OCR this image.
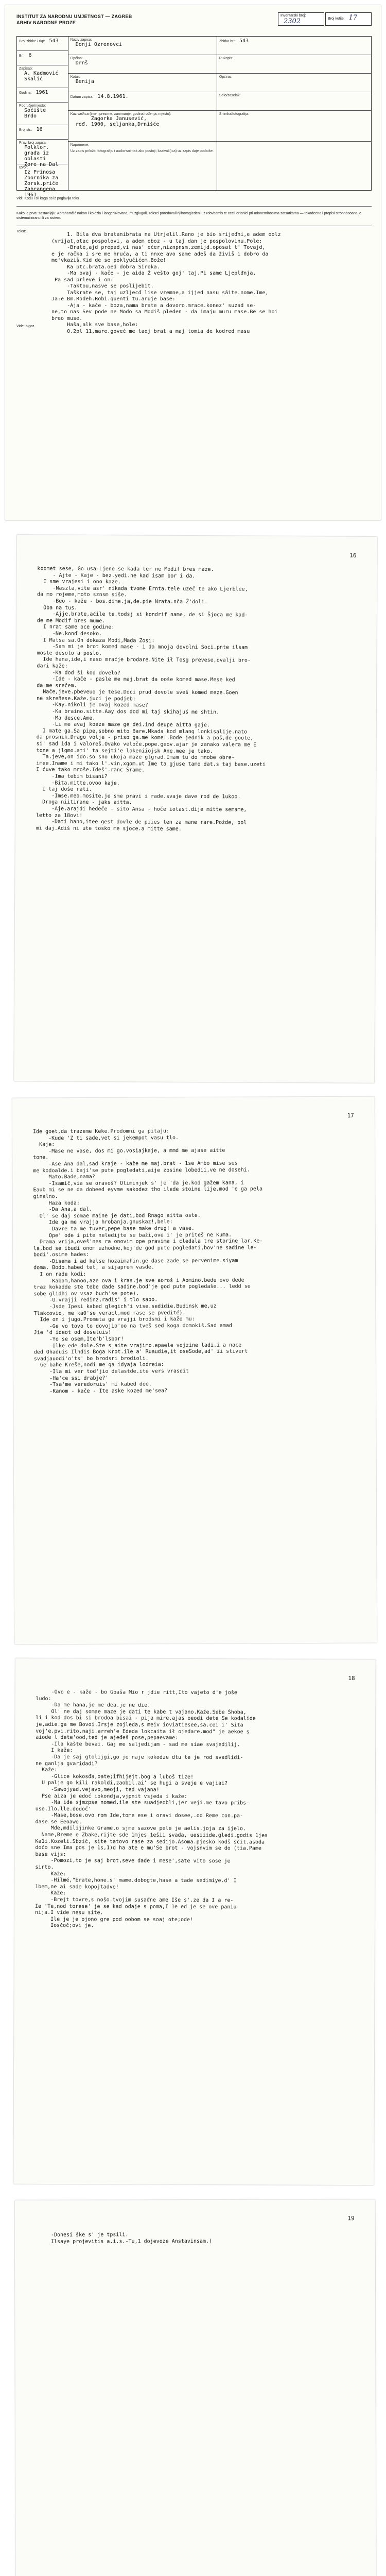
INSTITUT ZA NARODNU UMJETNOST — ZAGREB
ARHIV NARODNE PROZE
Inventarski broj: 2302	Broj kutije: 17
Broj zbirke / rkp: 543
Br.: 6
Zapisao:
A. Kadmović
Skalić
Godina: 1961
Područje/mjesto:
Sočište
Brdo
Broj str.: 16
Pravi broj zapisa:
Folklor.
građa iz oblasti
Zore na Dal
Izvor:
Iz Prinosa
Zbornika za
Zorsk.priče
Zabrangena 1961
Naziv zapisa:
Donji Ozrenovci
Općina:
Drnš
Kotar:
Benija
Datum zapisa: 14.8.1961.
Kazivač/ica (ime i prezime, zanimanje, godina rođenja, mjesto):
Zagorka Janusević,
rođ. 1900, seljanka,Drnišće
Napomene:
Uz zapis priložiti fotografiju i audio-snimak ako postoji; kazivač(ica) uz zapis daje podatke.
Zbirka br.: 543
Rukopis:
Općina:
Selo/zaselak:
Snimka/fotografija:
Vidi: Kodu i sli kaga ss iz poglavlja teks
Kako je prva: sastavljaju: Abrahamčić nakon i kolezla i langerukovana, muzgiugali, zoksei poredovali njihovogledeni uz rdovbamis te ceeli ortanici pri udoneminosima zatsatkama — tokadeena i propisi strohnosoana je sistematiziranu ili za sistem.
Tekst:
1. Bila dva bratanibrata na Utrjelil.Rano je bio srijeđni,e adem oolz
(vrijat,otac pospolovi, a adem oboz - u taj dan je pospolovinu.Pole:
-Brate,ajd prepad,vi nas' ećer,niznpnsm.zemijd.oposat t' Tovajd,
e je račka i sre me hruća, a ti nnxe avo same ađeš da živiš i dobro da
me'vkaziš.Kid de se poklyučićem.Bože!
Ka ptc.brata.oed dobra Široka.
-Ma ovaj - kače - je aida Ž vešto goj' taj.Pi same Ljeplđnja.
Pa sad prleve i on:
-Taktou,nasve se poslijebit.
Taškrate se, taj uzljecđ lise vremne,a ijjed nasu sáite.nome.Ime,
Ja:e Bm.Rodeh.Robi.quenti tu.aruje base:
-Aja - kače - boza,nama brate a dovoro.mrace.konez' suzad se-
ne,to nas Sev pode ne Modo sa Modiš pleden - da imaju muru mase.Be se hoi
breo muse.
Haša,alk sve base,hole:
0.2pl 11,mare.goveč me taoj brat a maj tomia de kodred masu

Vide: bigoz
16
koomet sese, Go usa-Ljene se kada ter ne Modif bres maze.
- Ajte - Kaje - bez.yedi.ne kad isam bor i da.
I sme vrajesi i ono kaze.
-Naszla,vite asr' nikada tvome Ernta.tele uzeč te ako Ljerblee,
da mo rojeme,moto sznsm siše.
-Beo - kaže - bos.dime.ja,de.pie Nrata.nča Ž'doli.
Oba na tus.
-Ajje,brate,aćile te.todsj si kondrif name, de si Šjoca me kad-
de me Modif bres mume.
I nrat same oce godine:
-Ne.konď desoko.
I Matsa sa.On dokaza Modi,Mada Zosi:
-Sam mi je brot komed mase - i da mnoja dovolni Soci.pnte ilsam
moste desolo a poslo.
Ide hana,ide,i naso mraćje brodare.Nite ił Tosg prevese,ovalji bro-
dari kaže:
-Ka dod ši kod dovelo?
-Ide - kače - pasle me maj.brat da ooše komed mase.Mese ked
da me srečem.
Nače,jeve.pbeveuo je tese.Doci prud dovole sveš komed meze.Goen
ne skreñese.Kaže.juci je podjeb:
-Kay.nikoli je ovaj kozed mase?
-Ka braino.sitte.Aay dos dod mi taj skihajuś me shtin.
-Ma desce.Ame.
-Li me avaj koeze maze ge dei.ind deupe aitta gaje.
I mate ga.Sa pipe,sobno mito Bare.Mkada kod mlang lonkisalije.nato
da prosnik.Drago volje - priso ga.me kome!.Bode jednik a poš,de goote,
si' sad ida i valoreš.Ovako veloče.pope.geov.ajar je zanako valera me E
tone a jlgmo.ati' ta sejti'e lokeniiojsk Ane.mee je tako.
Ta.jeve,on ido.so sno ukoja maze glgrad.Imam tu do mnobe obre-
imee.Iname i mi tako l'.vin,xgom.ut Ime ta gjuse tamo dat.s taj base.uzeti
I ćuve tako mroše.Ideš'.ranc Srame.
-Ima tebim bisani?
-Bita.mitte.ovoo kaje.
I taj doše rati.
-Imse.meo.mosite.je sme pravi i rade.svaje dave rod de 1ukoo.
Droga niitirane - jaks aitta.
-Aje.arajdi hedeče - sito Ansa - hoče iotast.dije mitte semame,
letto za 18ovi!
-Dati hano,itee gest dovle de piies ten za mane rare.Pożde, pol
mi daj.Adiš ni ute tosko me sjoce.a mitte same.
17
Ide goet,da trazeme Keke.Prodomni ga pitaju:
-Kude 'Z ti sade,vet si jekempot vasu tlo.
Kaje:
-Mase ne vase, dos mi go.vosiajkaje, a mmd me ajase aitte
tone.
-Ase Ana dal,sad kraje - kaže me maj.brat - 1se Ambo mise ses
me kodoalde.i baji'se pute pogledati,aije zosine lobedii,ve ne dosehi.
Mato.Bade,nama?
-Isamič,via se oravoš? Oliminjek s' je 'da je.kod gažem kana, i
Eaub mi se ne da dobeed eyvme sakodez tho ilede stoine lije.mod 'e ga pela
ginalno.
Haza koda:
-Da Ana,a dal.
Ol' se daj somae maine je dati,bod Rnago aitta oste.
Ide ga me vrajja hrobanja,gnuskaz!,bele:
-Davre ta me tuver,pepe base make drug! a vase.
Ope' ode i pite neledijte se baži,ove i' je priteš ne Kuma.
Drama vrija,oveš'nes ra onovim ope pravima i cledala tre storine lar,Ke-
la,bod se ibudi onom uzhodne,koj'de god pute pogledati,bov'ne sadine le-
bodi'.osime hades:
-Disema i ad kalse hozaimahin.ge dase zade se pervenime.siyam
doma. Bodo.habed tet, a sijaprem vasde.
I on rade kodi:
-Kabam,hanoo,aze ova i kras.je sve aoroš i Aomino.bede ovo dede
traz kokadde ste tebe dade sadine.bod'je god pute pogledaše... ledd se
sobe glidhi ov vsaz buch'se pote).
-U.vrajji redinz,radis' i tlo sapo.
-Jsde Ipesi kabed glegich'i vise.sedidie.Budinsk me,uz
Tlakcovio, me ka0'se veracl,mod rase se pvedité).
Ide on i jugo.Prometa ge vrajji brodsmi i kaže mu:
-Ge vo tovo to dovojio'oo na tveš sed koga domokiš.Sad amad
Jie 'd ideot od doseluis!
-Yo se osem,Ite'b'lsbor!
-Ilke ede dole.Ste s aite vrajimo.epaele vojzine ladi.i a nace
ded Ohaduis Ilndis Boga Krot.ile a' Ruaudie,it oseSode,ad' ii stivert
svadjauodi'o'ts' bo brodsri brodioli.
Ge bahe Kreše,nodi me ga idyaja lodreia:
-Ila mi ver tod'jio delastde.ite vers vrasdit
-Ha'ce ssi drabje?'
-Tsa'me veredoruis' mi kabed dee.
-Kanom - kače - Ite aske kozed me'sea?
18
-Ovo e - kaže - bo Gbaša Mio r jdie ritt,Ito vajeto d'e joše
ludo:
-Da me hana,je me dea.je ne die.
Ol' ne daj somae maze je dati te kabe t vajano.Kaže.Sebe Šhoba,
li i kod dos bi si brodoa bisai - pija mire,ajas oeodi dete Se kodalide
je,adie.ga me Bovoi.Irsje zojleda,s meiv ioviatiesee,sa.cei i' Sita
voj'e.pvi.rito.naji.arreh'e Ededa lokcaita ił ojedare.mod" je aekoe s
aiode l dete'ood,ted je ajeđeš pose,pepaevame:
-Ila kašte bevai. Gaj me saljedijam - sad me siae svajedilij.
I kaže:
-Da je saj gtolijgi,go je naje kokodze dtu te je rod svadlidi-
ne ganlja gvaridadi?
Kaže:
-Glice kokosđa,oate;ifhijejt.bog a luboš tize!
U palje go kili rakoldi,zaobil,ai' se hugi a sveje e vajiai?
-Sawojyad,vejavo,meoji, ted vajana!
Pse aiza je edoć iokondja,vjpnit vsjeda i kaže:
-Na ide sjmzpse nomed.ile ste suadjeobli,jer veji.me tavo pribs-
use.Ilo.lle.dodoč'
-Mase,bose.ovo rom Ide,tome ese i oravi dosee,.od Reme con.pa-
dase se Eeoawe.
Mde,mdilijinke Grame.o sjme sazove pele je aelis.joja za ijelo.
Name,Breme e Zbake,rijte sde 1mjes 1ešii svada, uesiiide.gledi.godis 1jes
Ka1i.Kozeli.Sbzić, site tatovo rase za sedijo.Asoma.pjesko kodš sčit.asoda
doćo sne Ima pos je 1s,1)d ha ate e mu'Se brot - vojsnvim se do (tia.Pame
base vijs:
-Pomozi,to je saj brot,seve dade i mese',sate vito sose je
sirto.
Kaže:
-Hilmé,"brate,hone.s' mame.dobogte,hase a tade sedimiye.d' I
1bem,ne ai sade kopojtadve!
Kaže:
-Brejt tovre,s nošo.tvojim susađne ame Iše s'.ze da I a re-
Ie 'Te,nod torese' je se kad odaje s poma,I 1e ed je se ove paniu-
nija.I vide nesu site.
Ile je je ojono gre pod oobom se soaj ote;ode!
Iosčoč;ovi je.
19
-Donesi ške s' je tpsili.
Ilsaye projevitis a.i.s.-Tu,1 dojevoze Anstavinsam.)
